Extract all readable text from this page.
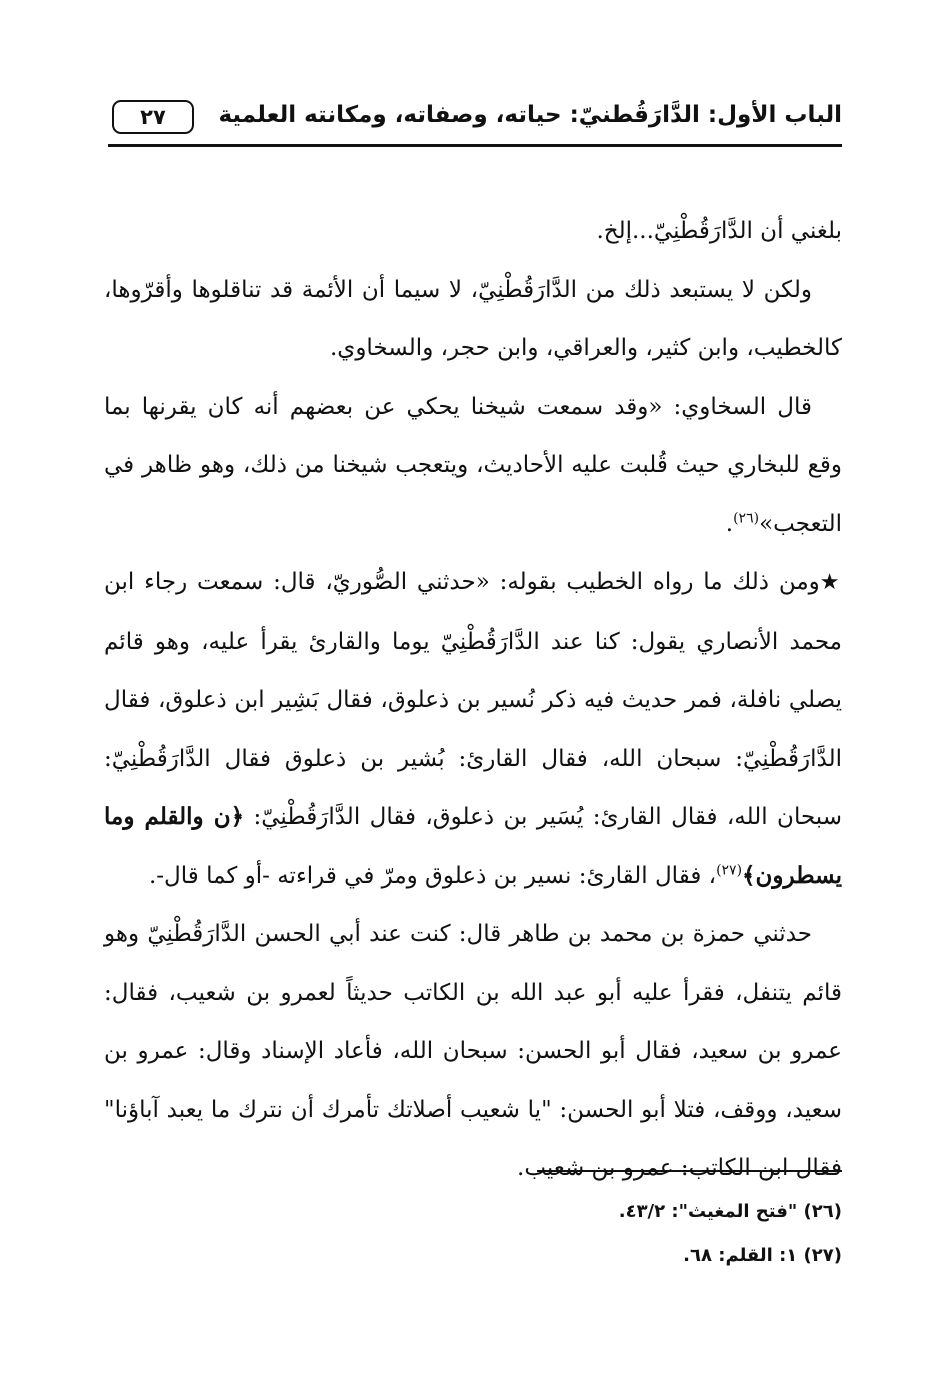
الباب الأول: الدَّارَقُطنيّ: حياته، وصفاته، ومكانته العلمية
٢٧

بلغني أن الدَّارَقُطْنِيّ...إلخ.

ولكن لا يستبعد ذلك من الدَّارَقُطْنِيّ، لا سيما أن الأئمة قد تناقلوها وأقرّوها، كالخطيب، وابن كثير، والعراقي، وابن حجر، والسخاوي.

قال السخاوي: «وقد سمعت شيخنا يحكي عن بعضهم أنه كان يقرنها بما وقع للبخاري حيث قُلبت عليه الأحاديث، ويتعجب شيخنا من ذلك، وهو ظاهر في التعجب»$^{(٢٦)}$.

★ومن ذلك ما رواه الخطيب بقوله: «حدثني الصُّوريّ، قال: سمعت رجاء ابن محمد الأنصاري يقول: كنا عند الدَّارَقُطْنِيّ يوما والقارئ يقرأ عليه، وهو قائم يصلي نافلة، فمر حديث فيه ذكر نُسير بن ذعلوق، فقال بَشِير ابن ذعلوق، فقال الدَّارَقُطْنِيّ: سبحان الله، فقال القارئ: بُشير بن ذعلوق فقال الدَّارَقُطْنِيّ: سبحان الله، فقال القارئ: يُسَير بن ذعلوق، فقال الدَّارَقُطْنِيّ: ﴿ن والقلم وما يسطرون﴾$^{(٢٧)}$، فقال القارئ: نسير بن ذعلوق ومرّ في قراءته -أو كما قال-.

حدثني حمزة بن محمد بن طاهر قال: كنت عند أبي الحسن الدَّارَقُطْنِيّ وهو قائم يتنفل، فقرأ عليه أبو عبد الله بن الكاتب حديثاً لعمرو بن شعيب، فقال: عمرو بن سعيد، فقال أبو الحسن: سبحان الله، فأعاد الإسناد وقال: عمرو بن سعيد، ووقف، فتلا أبو الحسن: "يا شعيب أصلاتك تأمرك أن نترك ما يعبد آباؤنا" فقال ابن الكاتب: عمرو بن شعيب.

(٢٦) "فتح المغيث": ٤٣/٢.

(٢٧) ١: القلم: ٦٨.
